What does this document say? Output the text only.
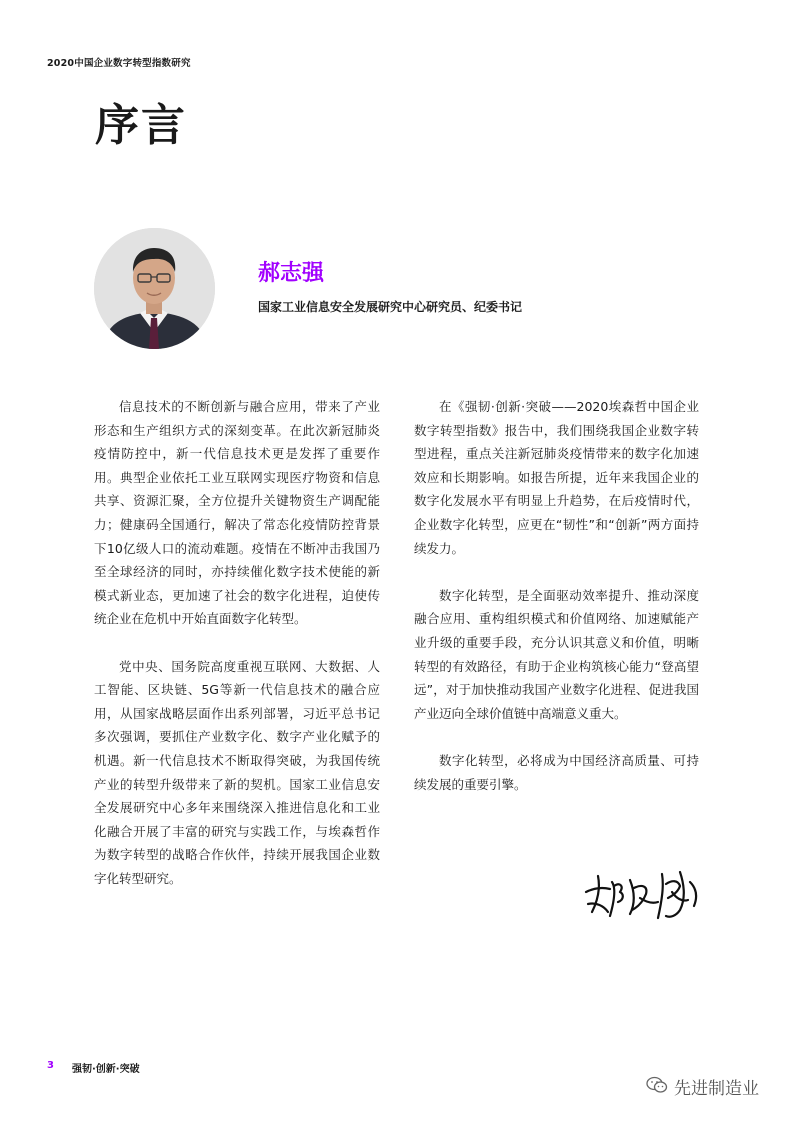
2020中国企业数字转型指数研究
序言
郝志强
国家工业信息安全发展研究中心研究员、纪委书记

信息技术的不断创新与融合应用，带来了产业形态和生产组织方式的深刻变革。在此次新冠肺炎疫情防控中，新一代信息技术更是发挥了重要作用。典型企业依托工业互联网实现医疗物资和信息共享、资源汇聚，全方位提升关键物资生产调配能力；健康码全国通行，解决了常态化疫情防控背景下10亿级人口的流动难题。疫情在不断冲击我国乃至全球经济的同时，亦持续催化数字技术使能的新模式新业态，更加速了社会的数字化进程，迫使传统企业在危机中开始直面数字化转型。

党中央、国务院高度重视互联网、大数据、人工智能、区块链、5G等新一代信息技术的融合应用，从国家战略层面作出系列部署，习近平总书记多次强调，要抓住产业数字化、数字产业化赋予的机遇。新一代信息技术不断取得突破，为我国传统产业的转型升级带来了新的契机。国家工业信息安全发展研究中心多年来围绕深入推进信息化和工业化融合开展了丰富的研究与实践工作，与埃森哲作为数字转型的战略合作伙伴，持续开展我国企业数字化转型研究。

在《强韧·创新·突破——2020埃森哲中国企业数字转型指数》报告中，我们围绕我国企业数字转型进程，重点关注新冠肺炎疫情带来的数字化加速效应和长期影响。如报告所提，近年来我国企业的数字化发展水平有明显上升趋势，在后疫情时代，企业数字化转型，应更在“韧性”和“创新”两方面持续发力。

数字化转型，是全面驱动效率提升、推动深度融合应用、重构组织模式和价值网络、加速赋能产业升级的重要手段，充分认识其意义和价值，明晰转型的有效路径，有助于企业构筑核心能力“登高望远”，对于加快推动我国产业数字化进程、促进我国产业迈向全球价值链中高端意义重大。

数字化转型，必将成为中国经济高质量、可持续发展的重要引擎。

3 强韧·创新·突破
先进制造业
